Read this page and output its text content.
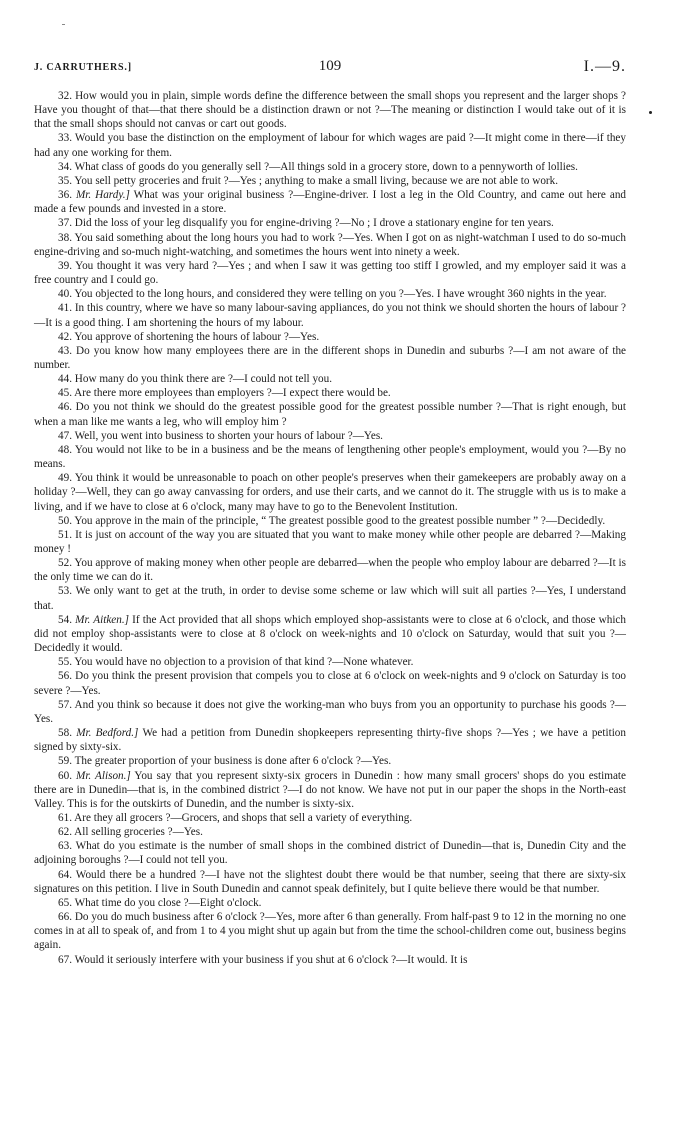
J. CARRUTHERS.]	109	I.—9.

32. How would you in plain, simple words define the difference between the small shops you represent and the larger shops ? Have you thought of that—that there should be a distinction drawn or not ?—The meaning or distinction I would take out of it is that the small shops should not canvas or cart out goods.

33. Would you base the distinction on the employment of labour for which wages are paid ?—It might come in there—if they had any one working for them.

34. What class of goods do you generally sell ?—All things sold in a grocery store, down to a pennyworth of lollies.

35. You sell petty groceries and fruit ?—Yes ; anything to make a small living, because we are not able to work.

36. Mr. Hardy.] What was your original business ?—Engine-driver. I lost a leg in the Old Country, and came out here and made a few pounds and invested in a store.

37. Did the loss of your leg disqualify you for engine-driving ?—No ; I drove a stationary engine for ten years.

38. You said something about the long hours you had to work ?—Yes. When I got on as night-watchman I used to do so-much engine-driving and so-much night-watching, and sometimes the hours went into ninety a week.

39. You thought it was very hard ?—Yes ; and when I saw it was getting too stiff I growled, and my employer said it was a free country and I could go.

40. You objected to the long hours, and considered they were telling on you ?—Yes. I have wrought 360 nights in the year.

41. In this country, where we have so many labour-saving appliances, do you not think we should shorten the hours of labour ?—It is a good thing. I am shortening the hours of my labour.

42. You approve of shortening the hours of labour ?—Yes.

43. Do you know how many employees there are in the different shops in Dunedin and suburbs ?—I am not aware of the number.

44. How many do you think there are ?—I could not tell you.

45. Are there more employees than employers ?—I expect there would be.

46. Do you not think we should do the greatest possible good for the greatest possible number ?—That is right enough, but when a man like me wants a leg, who will employ him ?

47. Well, you went into business to shorten your hours of labour ?—Yes.

48. You would not like to be in a business and be the means of lengthening other people's employment, would you ?—By no means.

49. You think it would be unreasonable to poach on other people's preserves when their gamekeepers are probably away on a holiday ?—Well, they can go away canvassing for orders, and use their carts, and we cannot do it. The struggle with us is to make a living, and if we have to close at 6 o'clock, many may have to go to the Benevolent Institution.

50. You approve in the main of the principle, “ The greatest possible good to the greatest possible number ” ?—Decidedly.

51. It is just on account of the way you are situated that you want to make money while other people are debarred ?—Making money !

52. You approve of making money when other people are debarred—when the people who employ labour are debarred ?—It is the only time we can do it.

53. We only want to get at the truth, in order to devise some scheme or law which will suit all parties ?—Yes, I understand that.

54. Mr. Aitken.] If the Act provided that all shops which employed shop-assistants were to close at 6 o'clock, and those which did not employ shop-assistants were to close at 8 o'clock on week-nights and 10 o'clock on Saturday, would that suit you ?—Decidedly it would.

55. You would have no objection to a provision of that kind ?—None whatever.

56. Do you think the present provision that compels you to close at 6 o'clock on week-nights and 9 o'clock on Saturday is too severe ?—Yes.

57. And you think so because it does not give the working-man who buys from you an opportunity to purchase his goods ?—Yes.

58. Mr. Bedford.] We had a petition from Dunedin shopkeepers representing thirty-five shops ?—Yes ; we have a petition signed by sixty-six.

59. The greater proportion of your business is done after 6 o'clock ?—Yes.

60. Mr. Alison.] You say that you represent sixty-six grocers in Dunedin : how many small grocers' shops do you estimate there are in Dunedin—that is, in the combined district ?—I do not know. We have not put in our paper the shops in the North-east Valley. This is for the outskirts of Dunedin, and the number is sixty-six.

61. Are they all grocers ?—Grocers, and shops that sell a variety of everything.

62. All selling groceries ?—Yes.

63. What do you estimate is the number of small shops in the combined district of Dunedin—that is, Dunedin City and the adjoining boroughs ?—I could not tell you.

64. Would there be a hundred ?—I have not the slightest doubt there would be that number, seeing that there are sixty-six signatures on this petition. I live in South Dunedin and cannot speak definitely, but I quite believe there would be that number.

65. What time do you close ?—Eight o'clock.

66. Do you do much business after 6 o'clock ?—Yes, more after 6 than generally. From half-past 9 to 12 in the morning no one comes in at all to speak of, and from 1 to 4 you might shut up again but from the time the school-children come out, business begins again.

67. Would it seriously interfere with your business if you shut at 6 o'clock ?—It would. It is
